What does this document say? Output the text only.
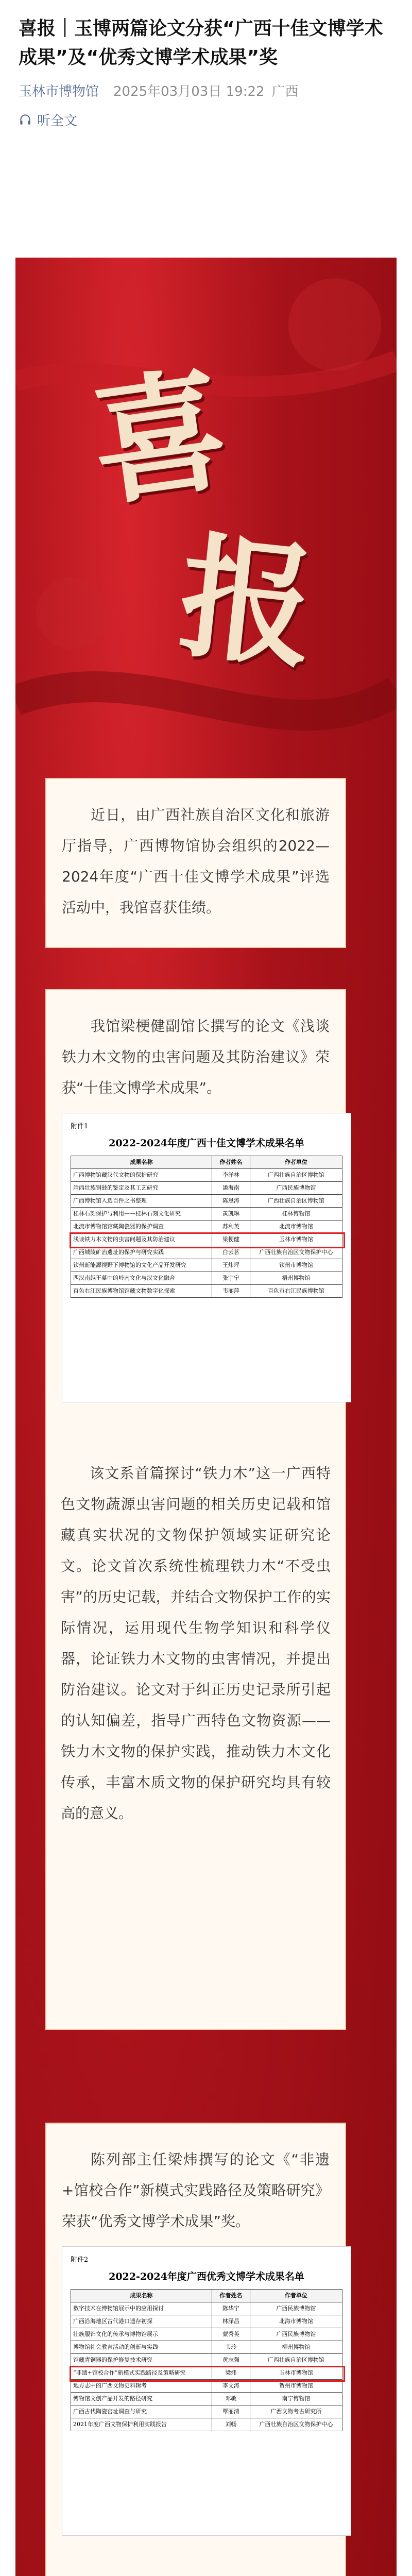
喜报｜玉博两篇论文分获“广西十佳文博学术成果”及“优秀文博学术成果”奖
玉林市博物馆 2025年03月03日 19:22 广西
听全文
喜
报

近日，由广西社族自治区文化和旅游厅指导，广西博物馆协会组织的2022—2024年度“广西十佳文博学术成果”评选活动中，我馆喜获佳绩。

我馆梁梗健副馆长撰写的论文《浅谈铁力木文物的虫害问题及其防治建议》荣获“十佳文博学术成果”。

附件1
2022-2024年度广西十佳文博学术成果名单
成果名称	作者姓名	作者单位
广西博物馆藏汉代文物的保护研究	李洋林	广西壮族自治区博物馆
靖西壮族铜鼓的鉴定及其工艺研究	潘海南	广西民族博物馆
广西博物馆入选百件之书整理	陈恩涛	广西壮族自治区博物馆
桂林石刻保护与利用——桂林石刻文化研究	黄凯琳	桂林博物馆
北流市博物馆馆藏陶瓷器的保护调查	苏利英	北流市博物馆
浅谈铁力木文物的虫害问题及其防治建议	梁梗健	玉林市博物馆
广西城陵矿冶遗址的保护与研究实践	白云茗	广西壮族自治区文物保护中心
钦州新能源视野下博物馆的文化产品开发研究	王炜坪	钦州市博物馆
西汉南越王墓中的岭南文化与汉文化融合	张宇宁	梧州博物馆
百色右江民族博物馆馆藏文物数字化探索	韦丽萍	百色市右江民族博物馆

该文系首篇探讨“铁力木”这一广西特色文物蔬源虫害问题的相关历史记载和馆藏真实状况的文物保护领域实证研究论文。论文首次系统性梳理铁力木“不受虫害”的历史记载，并结合文物保护工作的实际情况，运用现代生物学知识和科学仪器，论证铁力木文物的虫害情况，并提出防治建议。论文对于纠正历史记录所引起的认知偏差，指导广西特色文物资源——铁力木文物的保护实践，推动铁力木文化传承，丰富木质文物的保护研究均具有较高的意义。

陈列部主任梁炜撰写的论文《“非遗+馆校合作”新模式实践路径及策略研究》荣获“优秀文博学术成果”奖。

附件2
2022-2024年度广西优秀文博学术成果名单
成果名称	作者姓名	作者单位
数字技术在博物馆展示中的应用探讨	陈华宁	广西民族博物馆
广西沿海地区古代港口遗存初探	林泽昌	北海市博物馆
壮族服饰文化的传承与博物馆展示	蒙秀英	广西民族博物馆
博物馆社会教育活动的创新与实践	韦玲	柳州博物馆
馆藏青铜器的保护修复技术研究	黄志强	广西壮族自治区博物馆
“非遗+馆校合作”新模式实践路径及策略研究	梁炜	玉林市博物馆
地方志中的广西文物史料辑考	李文涛	贺州市博物馆
博物馆文创产品开发的路径研究	邓敏	南宁博物馆
广西古代陶瓷窑址调查与研究	覃丽清	广西文物考古研究所
2021年度广西文物保护利用实践报告	刘畅	广西壮族自治区文物保护中心
